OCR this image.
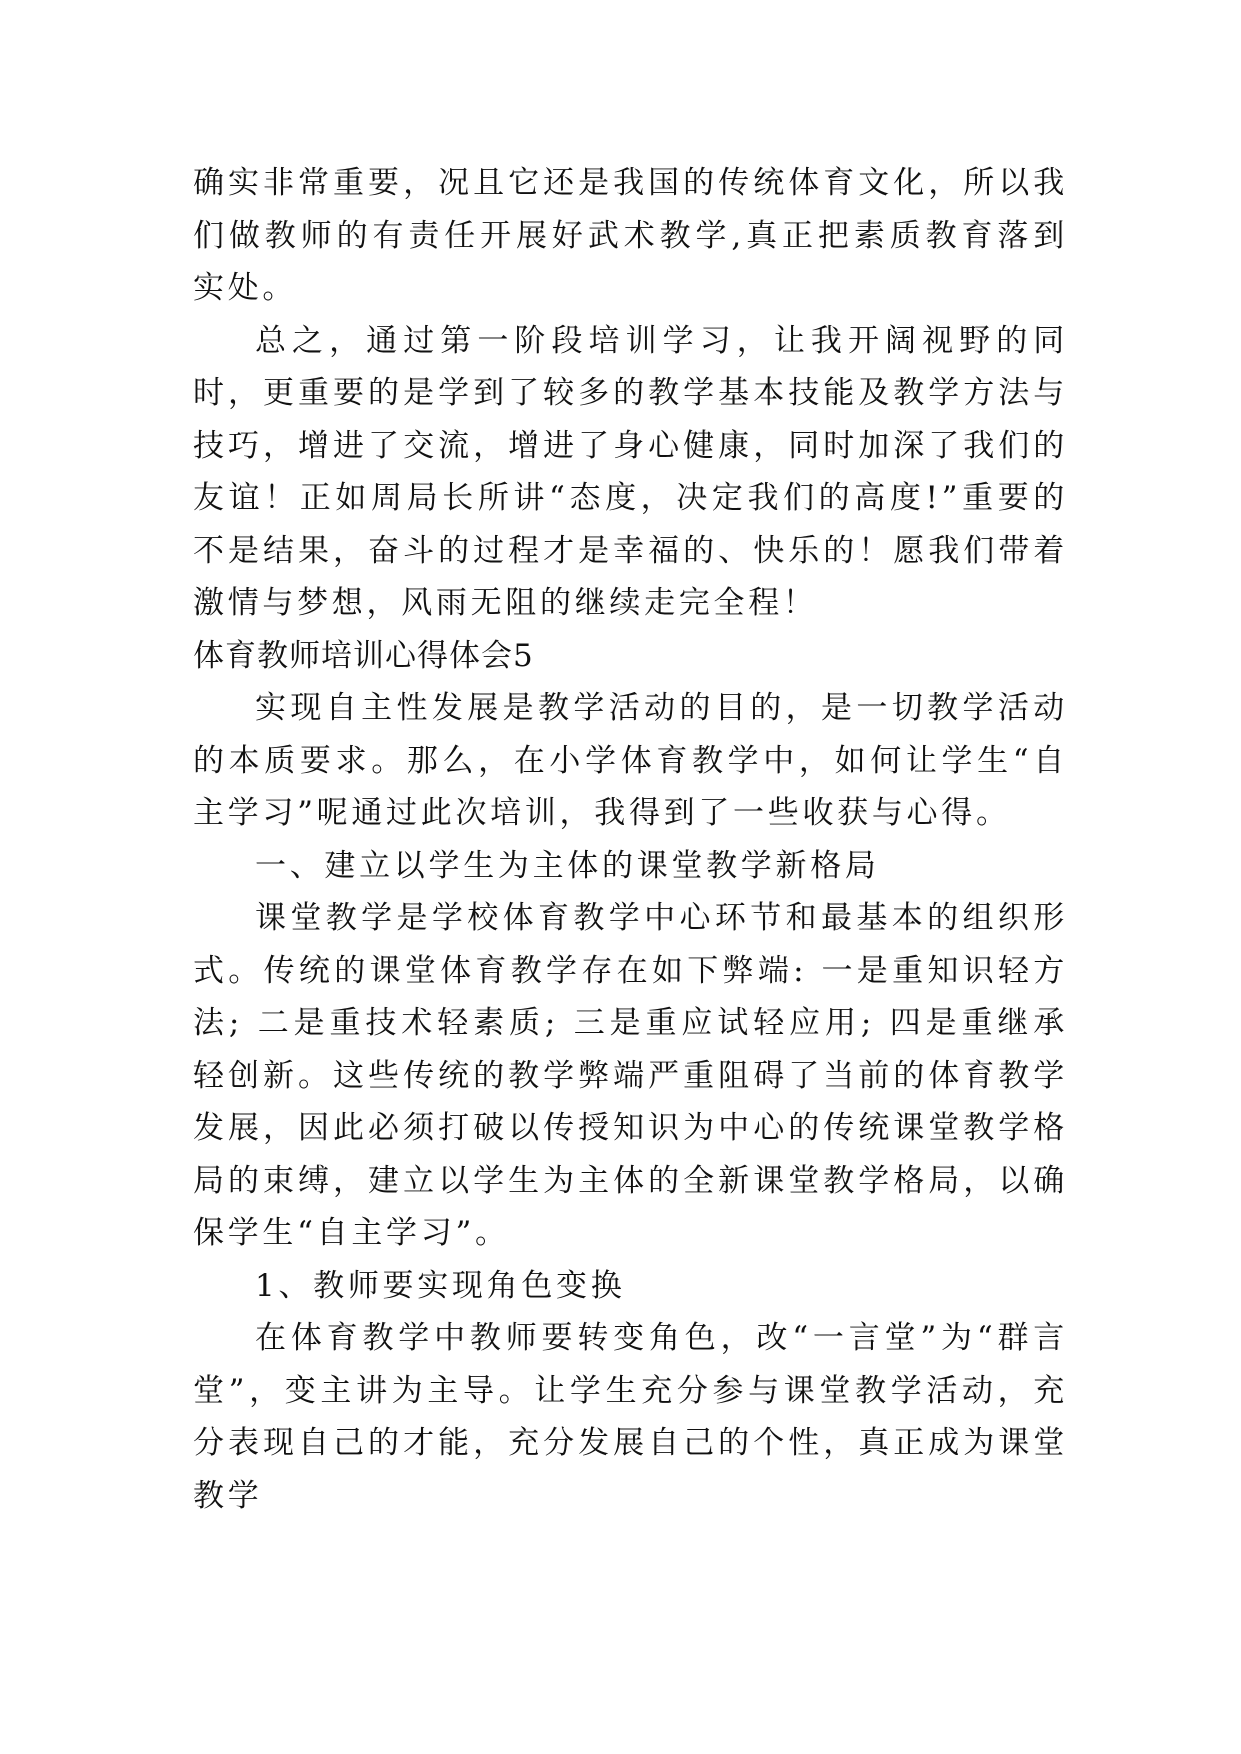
确实非常重要，况且它还是我国的传统体育文化，所以我们做教师的有责任开展好武术教学,真正把素质教育落到实处。

总之，通过第一阶段培训学习，让我开阔视野的同时，更重要的是学到了较多的教学基本技能及教学方法与技巧，增进了交流，增进了身心健康，同时加深了我们的友谊！正如周局长所讲“态度，决定我们的高度!”重要的不是结果，奋斗的过程才是幸福的、快乐的！愿我们带着激情与梦想，风雨无阻的继续走完全程！

体育教师培训心得体会5

实现自主性发展是教学活动的目的，是一切教学活动的本质要求。那么，在小学体育教学中，如何让学生“自主学习”呢通过此次培训，我得到了一些收获与心得。

一、建立以学生为主体的课堂教学新格局

课堂教学是学校体育教学中心环节和最基本的组织形式。传统的课堂体育教学存在如下弊端: 一是重知识轻方法; 二是重技术轻素质; 三是重应试轻应用; 四是重继承轻创新。这些传统的教学弊端严重阻碍了当前的体育教学发展，因此必须打破以传授知识为中心的传统课堂教学格局的束缚，建立以学生为主体的全新课堂教学格局，以确保学生“自主学习”。

1、教师要实现角色变换

在体育教学中教师要转变角色，改“一言堂”为“群言堂”，变主讲为主导。让学生充分参与课堂教学活动，充分表现自己的才能，充分发展自己的个性，真正成为课堂教学
